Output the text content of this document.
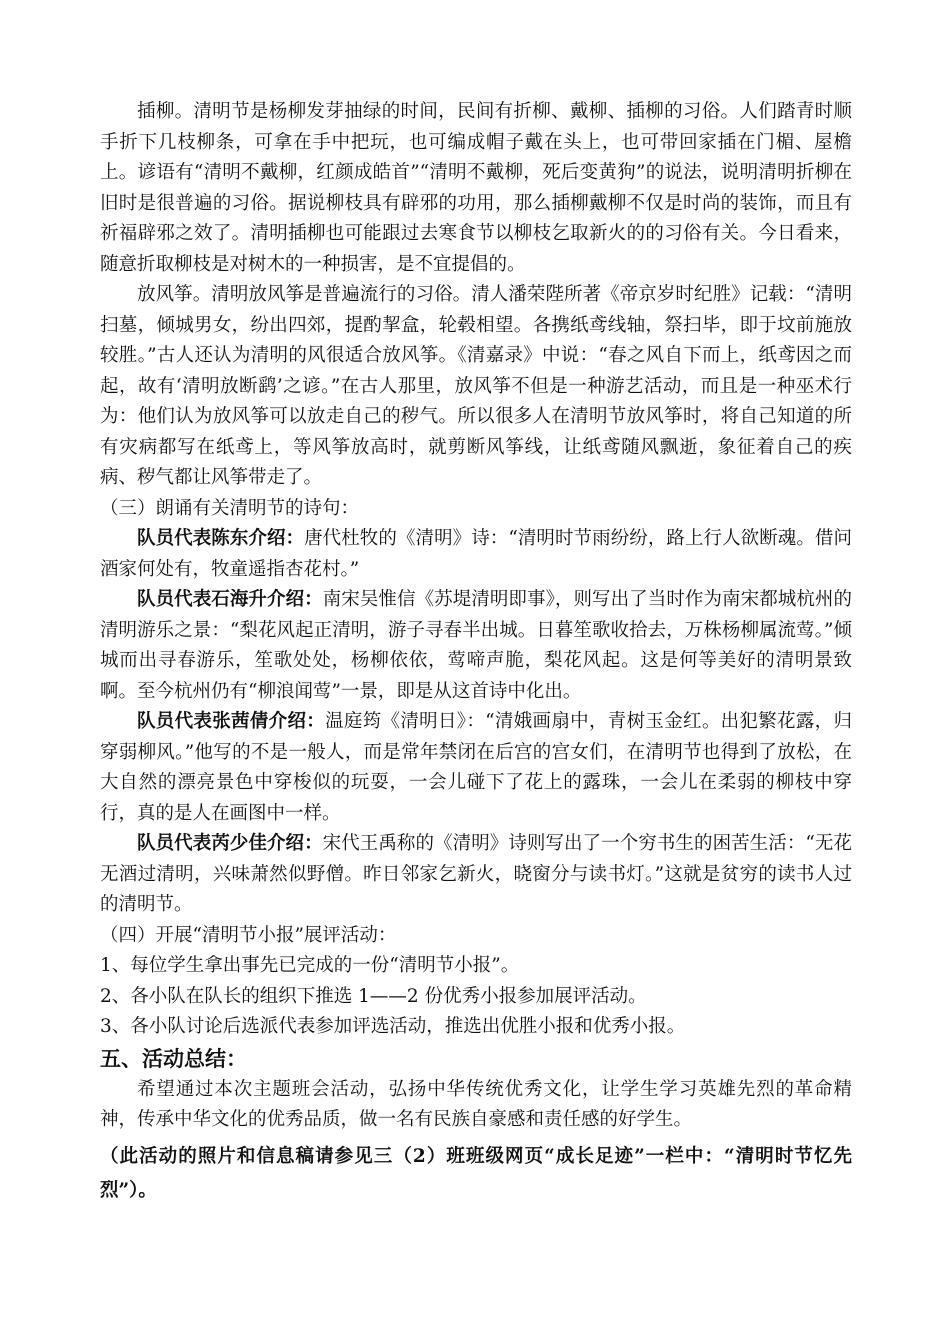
插柳。清明节是杨柳发芽抽绿的时间，民间有折柳、戴柳、插柳的习俗。人们踏青时顺手折下几枝柳条，可拿在手中把玩，也可编成帽子戴在头上，也可带回家插在门楣、屋檐上。谚语有“清明不戴柳，红颜成皓首”“清明不戴柳，死后变黄狗”的说法，说明清明折柳在旧时是很普遍的习俗。据说柳枝具有辟邪的功用，那么插柳戴柳不仅是时尚的装饰，而且有祈福辟邪之效了。清明插柳也可能跟过去寒食节以柳枝乞取新火的的习俗有关。今日看来，随意折取柳枝是对树木的一种损害，是不宜提倡的。

放风筝。清明放风筝是普遍流行的习俗。清人潘荣陛所著《帝京岁时纪胜》记载：“清明扫墓，倾城男女，纷出四郊，提酌挈盒，轮毂相望。各携纸鸢线轴，祭扫毕，即于坟前施放较胜。”古人还认为清明的风很适合放风筝。《清嘉录》中说：“春之风自下而上，纸鸢因之而起，故有‘清明放断鹞’之谚。”在古人那里，放风筝不但是一种游艺活动，而且是一种巫术行为：他们认为放风筝可以放走自己的秽气。所以很多人在清明节放风筝时，将自己知道的所有灾病都写在纸鸢上，等风筝放高时，就剪断风筝线，让纸鸢随风飘逝，象征着自己的疾病、秽气都让风筝带走了。

（三）朗诵有关清明节的诗句：

队员代表陈东介绍：唐代杜牧的《清明》诗：“清明时节雨纷纷，路上行人欲断魂。借问酒家何处有，牧童遥指杏花村。”

队员代表石海升介绍：南宋吴惟信《苏堤清明即事》，则写出了当时作为南宋都城杭州的清明游乐之景：“梨花风起正清明，游子寻春半出城。日暮笙歌收拾去，万株杨柳属流莺。”倾城而出寻春游乐，笙歌处处，杨柳依依，莺啼声脆，梨花风起。这是何等美好的清明景致啊。至今杭州仍有“柳浪闻莺”一景，即是从这首诗中化出。

队员代表张茜倩介绍：温庭筠《清明日》：“清娥画扇中，青树玉金红。出犯繁花露，归穿弱柳风。”他写的不是一般人，而是常年禁闭在后宫的宫女们，在清明节也得到了放松，在大自然的漂亮景色中穿梭似的玩耍，一会儿碰下了花上的露珠，一会儿在柔弱的柳枝中穿行，真的是人在画图中一样。

队员代表芮少佳介绍：宋代王禹称的《清明》诗则写出了一个穷书生的困苦生活：“无花无酒过清明，兴味萧然似野僧。昨日邻家乞新火，晓窗分与读书灯。”这就是贫穷的读书人过的清明节。

（四）开展“清明节小报”展评活动：

1、每位学生拿出事先已完成的一份“清明节小报”。

2、各小队在队长的组织下推选 1——2 份优秀小报参加展评活动。

3、各小队讨论后选派代表参加评选活动，推选出优胜小报和优秀小报。

五、活动总结：

希望通过本次主题班会活动，弘扬中华传统优秀文化，让学生学习英雄先烈的革命精神，传承中华文化的优秀品质，做一名有民族自豪感和责任感的好学生。

（此活动的照片和信息稿请参见三（2）班班级网页“成长足迹”一栏中：“清明时节忆先烈”）。
